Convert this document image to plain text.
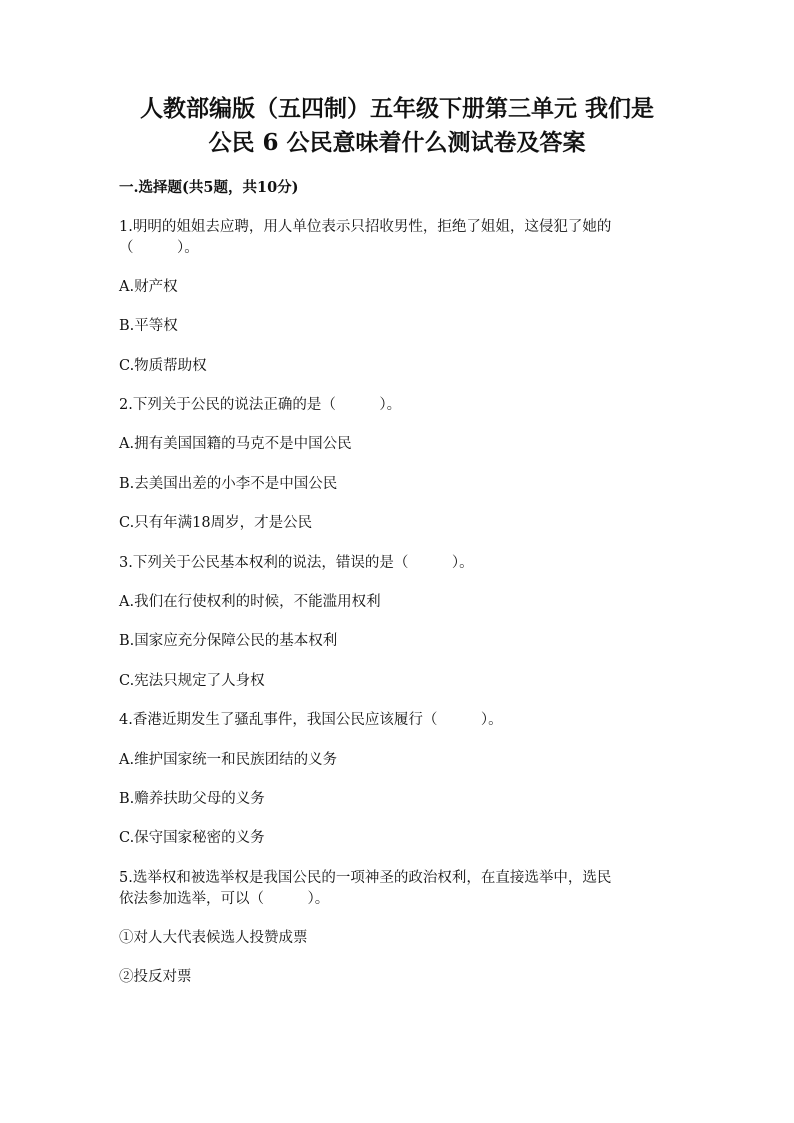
人教部编版（五四制）五年级下册第三单元 我们是
公民 6 公民意味着什么测试卷及答案
一.选择题(共5题，共10分)
1.明明的姐姐去应聘，用人单位表示只招收男性，拒绝了姐姐，这侵犯了她的
（　　　）。
A.财产权
B.平等权
C.物质帮助权
2.下列关于公民的说法正确的是（　　　）。
A.拥有美国国籍的马克不是中国公民
B.去美国出差的小李不是中国公民
C.只有年满18周岁，才是公民
3.下列关于公民基本权利的说法，错误的是（　　　）。
A.我们在行使权利的时候，不能滥用权利
B.国家应充分保障公民的基本权利
C.宪法只规定了人身权
4.香港近期发生了骚乱事件，我国公民应该履行（　　　）。
A.维护国家统一和民族团结的义务
B.赡养扶助父母的义务
C.保守国家秘密的义务
5.选举权和被选举权是我国公民的一项神圣的政治权利，在直接选举中，选民
依法参加选举，可以（　　　）。
①对人大代表候选人投赞成票
②投反对票
